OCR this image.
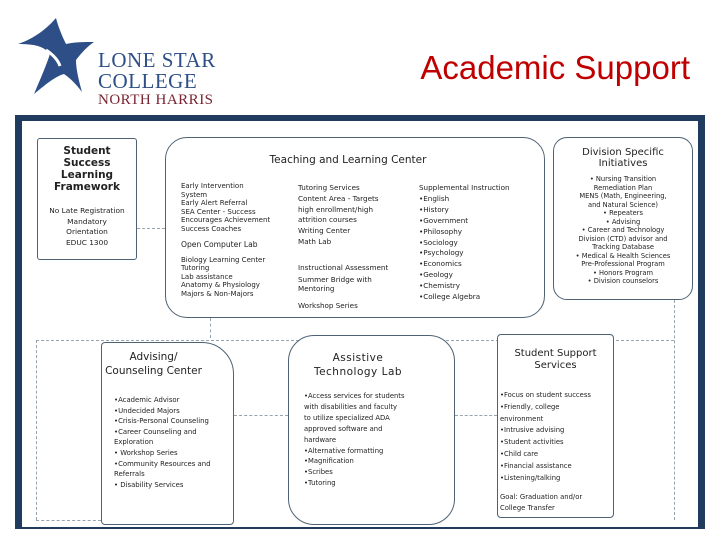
LONE STAR
COLLEGE
NORTH HARRIS
Academic Support
Student
Success
Learning
Framework
No Late Registration
Mandatory
Orientation
EDUC 1300
Teaching and Learning Center
Early Intervention
System
Early Alert Referral
SEA Center - Success
Encourages Achievement
Success Coaches
Open Computer Lab
Biology Learning Center
Tutoring
Lab assistance
Anatomy & Physiology
Majors & Non-Majors
Tutoring Services
Content Area - Targets
high enrollment/high
attrition courses
Writing Center
Math Lab
Instructional Assessment
Summer Bridge with
Mentoring
Workshop Series
Supplemental Instruction
•English
•History
•Government
•Philosophy
•Sociology
•Psychology
•Economics
•Geology
•Chemistry
•College Algebra
Division Specific
Initiatives
• Nursing Transition
Remediation Plan
MENS (Math, Engineering,
and Natural Science)
• Repeaters
• Advising
• Career and Technology
Division (CTD) advisor and
Tracking Database
• Medical & Health Sciences
Pre-Professional Program
• Honors Program
• Division counselors
Advising/
Counseling Center
•Academic Advisor
•Undecided Majors
•Crisis-Personal Counseling
•Career Counseling and
Exploration
• Workshop Series
•Community Resources and
Referrals
• Disability Services
Assistive
Technology Lab
•Access services for students
with disabilities and faculty
to utilize specialized ADA
approved software and
hardware
•Alternative formatting
•Magnification
•Scribes
•Tutoring
Student Support
Services
•Focus on student success
•Friendly, college
environment
•Intrusive advising
•Student activities
•Child care
•Financial assistance
•Listening/talking
Goal: Graduation and/or
College Transfer
